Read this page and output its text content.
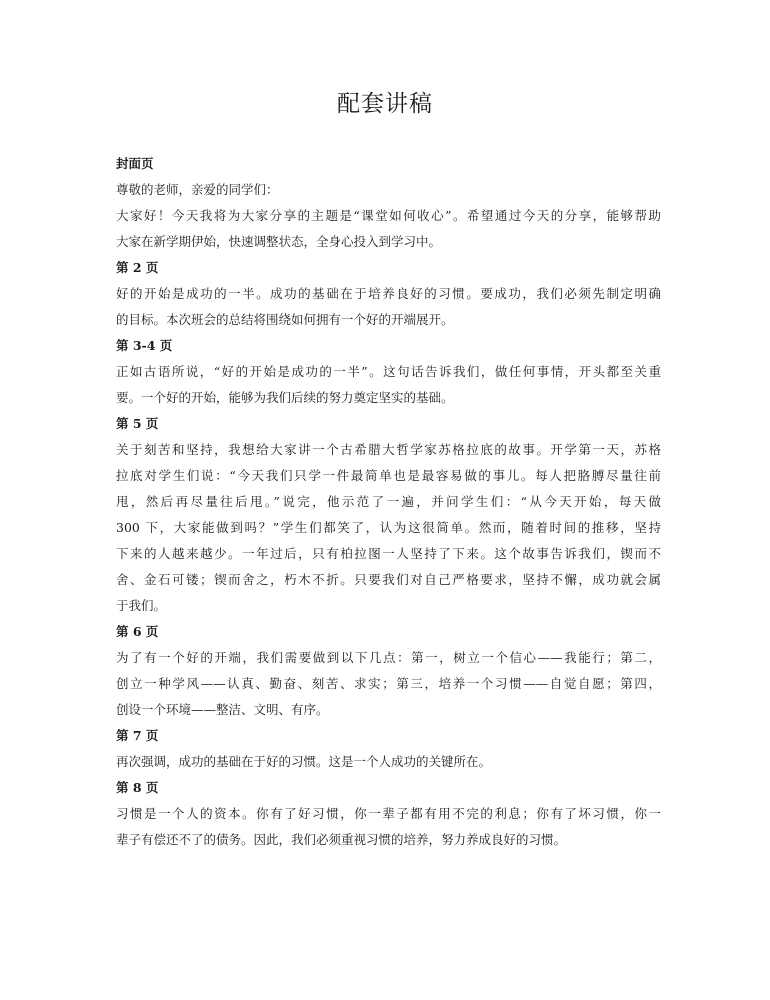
配套讲稿
封面页
尊敬的老师，亲爱的同学们：
大家好！今天我将为大家分享的主题是“课堂如何收心”。希望通过今天的分享，能够帮助
大家在新学期伊始，快速调整状态，全身心投入到学习中。
第 2 页
好的开始是成功的一半。成功的基础在于培养良好的习惯。要成功，我们必须先制定明确
的目标。本次班会的总结将围绕如何拥有一个好的开端展开。
第 3-4 页
正如古语所说，“好的开始是成功的一半”。这句话告诉我们，做任何事情，开头都至关重
要。一个好的开始，能够为我们后续的努力奠定坚实的基础。
第 5 页
关于刻苦和坚持，我想给大家讲一个古希腊大哲学家苏格拉底的故事。开学第一天，苏格
拉底对学生们说：“今天我们只学一件最简单也是最容易做的事儿。每人把胳膊尽量往前
甩，然后再尽量往后甩。”说完，他示范了一遍，并问学生们：“从今天开始，每天做
300 下，大家能做到吗？”学生们都笑了，认为这很简单。然而，随着时间的推移，坚持
下来的人越来越少。一年过后，只有柏拉图一人坚持了下来。这个故事告诉我们，锲而不
舍、金石可镂；锲而舍之，朽木不折。只要我们对自己严格要求，坚持不懈，成功就会属
于我们。
第 6 页
为了有一个好的开端，我们需要做到以下几点：第一，树立一个信心——我能行；第二，
创立一种学风——认真、勤奋、刻苦、求实；第三，培养一个习惯——自觉自愿；第四，
创设一个环境——整洁、文明、有序。
第 7 页
再次强调，成功的基础在于好的习惯。这是一个人成功的关键所在。
第 8 页
习惯是一个人的资本。你有了好习惯，你一辈子都有用不完的利息；你有了坏习惯，你一
辈子有偿还不了的债务。因此，我们必须重视习惯的培养，努力养成良好的习惯。
